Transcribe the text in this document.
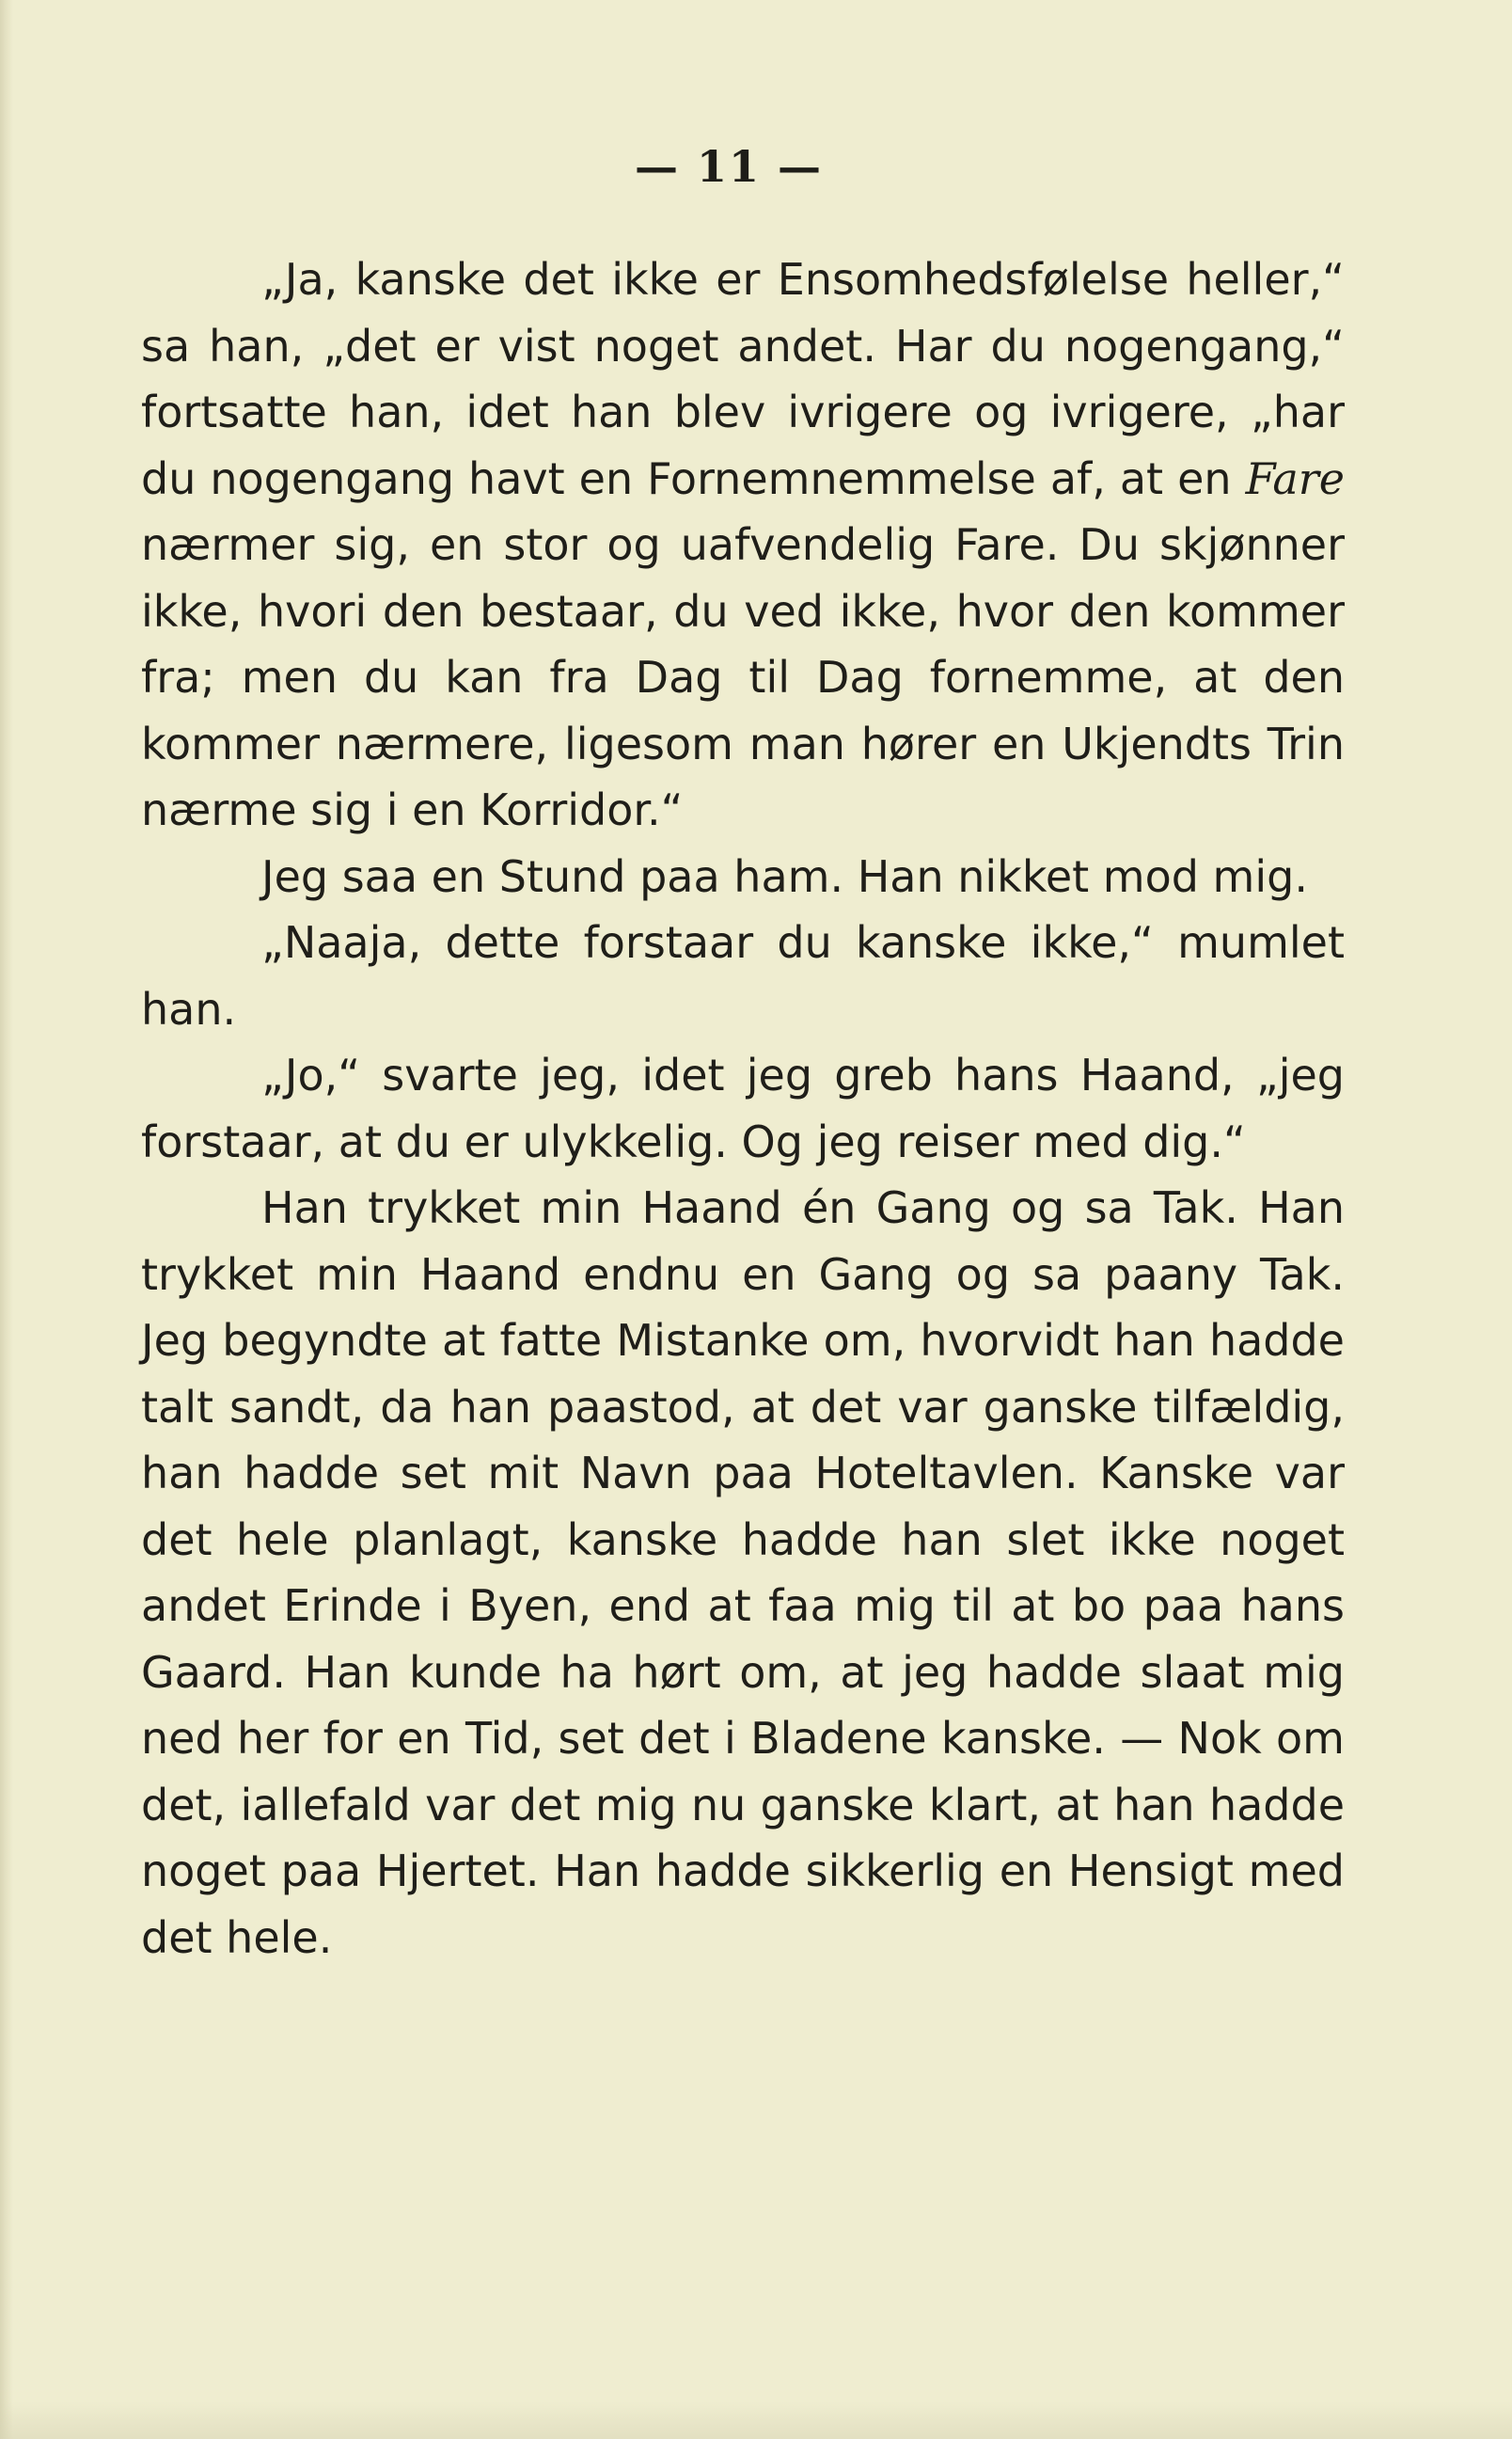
— 11 —

„Ja, kanske det ikke er Ensomhedsfølelse heller,“ sa han, „det er vist noget andet. Har du nogengang,“ fortsatte han, idet han blev ivrigere og ivrigere, „har du nogengang havt en Fornemnemmelse af, at en Fare nærmer sig, en stor og uafvendelig Fare. Du skjønner ikke, hvori den bestaar, du ved ikke, hvor den kommer fra; men du kan fra Dag til Dag fornemme, at den kommer nærmere, ligesom man hører en Ukjendts Trin nærme sig i en Korridor.“

Jeg saa en Stund paa ham. Han nikket mod mig.

„Naaja, dette forstaar du kanske ikke,“ mumlet han.

„Jo,“ svarte jeg, idet jeg greb hans Haand, „jeg forstaar, at du er ulykkelig. Og jeg reiser med dig.“

Han trykket min Haand én Gang og sa Tak. Han trykket min Haand endnu en Gang og sa paany Tak. Jeg begyndte at fatte Mistanke om, hvorvidt han hadde talt sandt, da han paastod, at det var ganske tilfældig, han hadde set mit Navn paa Hoteltavlen. Kanske var det hele planlagt, kanske hadde han slet ikke noget andet Erinde i Byen, end at faa mig til at bo paa hans Gaard. Han kunde ha hørt om, at jeg hadde slaat mig ned her for en Tid, set det i Bladene kanske. — Nok om det, iallefald var det mig nu ganske klart, at han hadde noget paa Hjertet. Han hadde sikkerlig en Hensigt med det hele.
